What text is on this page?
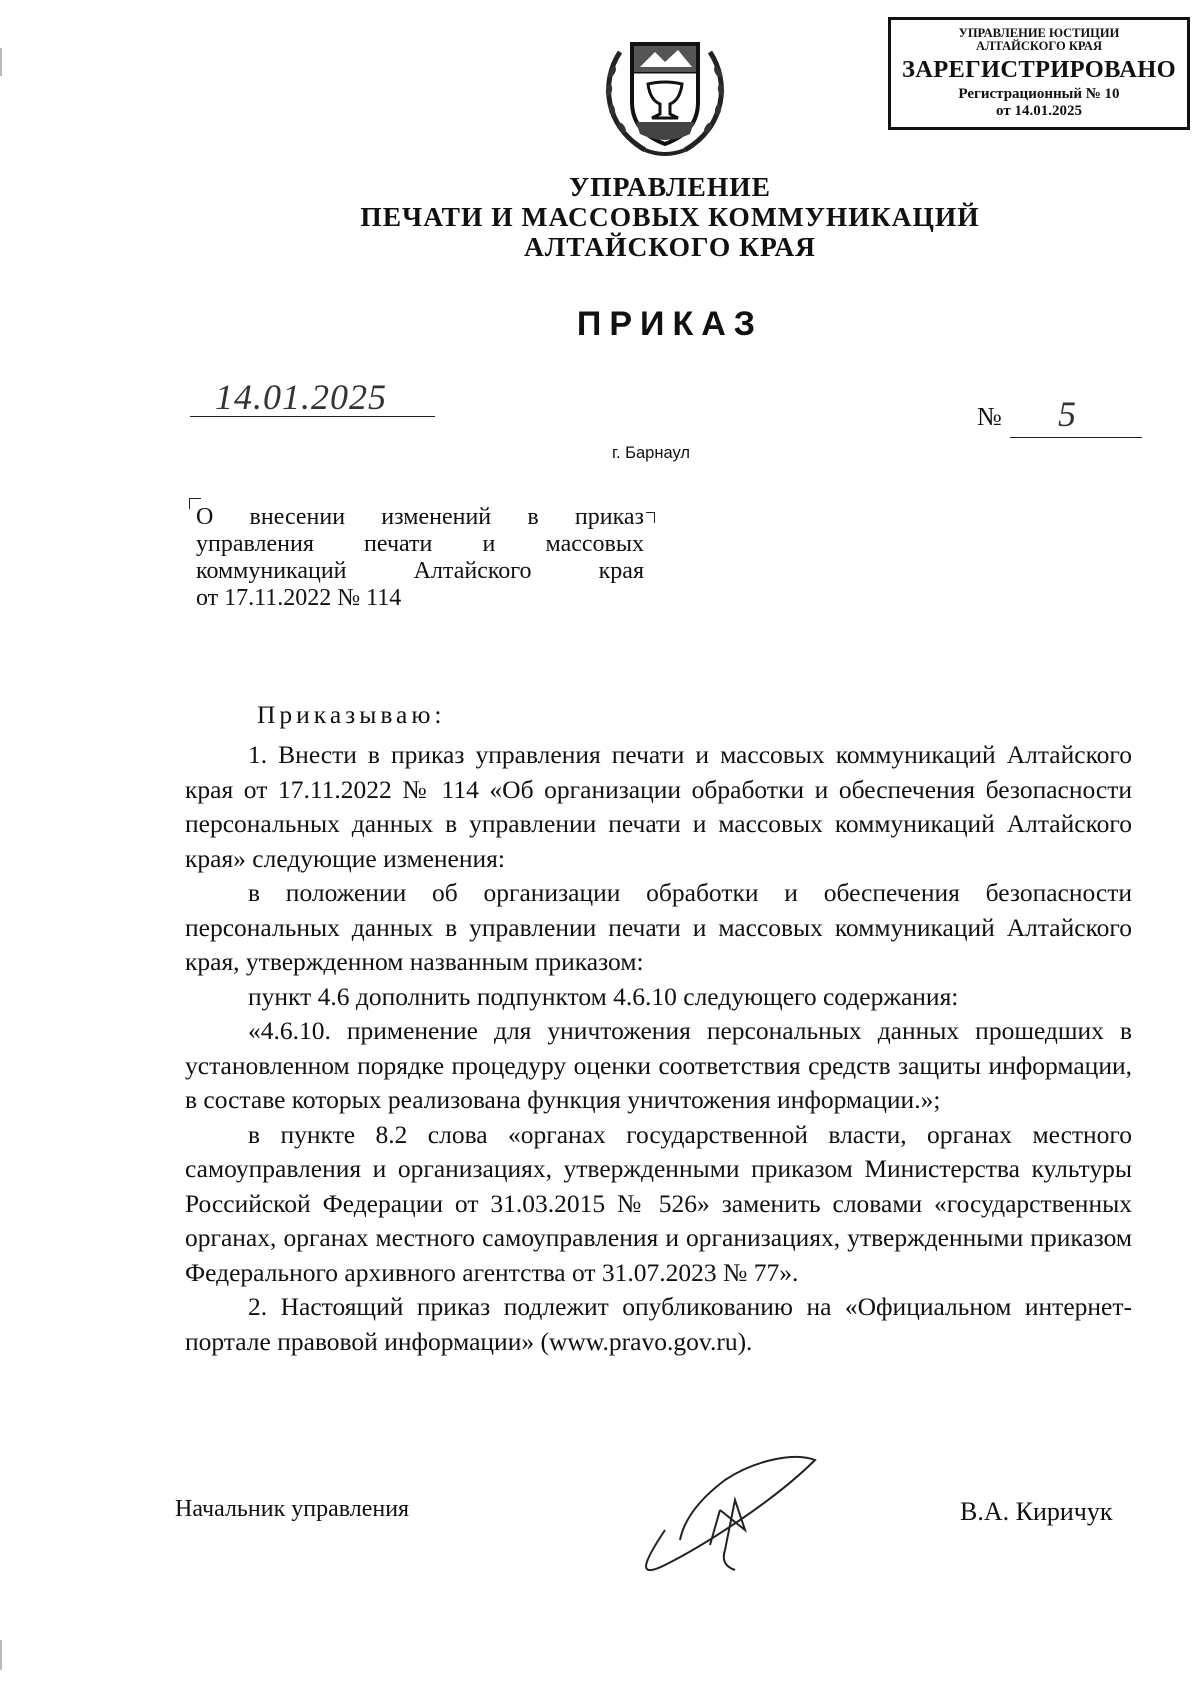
УПРАВЛЕНИЕ ЮСТИЦИИ
АЛТАЙСКОГО КРАЯ
ЗАРЕГИСТРИРОВАНО
Регистрационный № 10
от 14.01.2025
УПРАВЛЕНИЕ
ПЕЧАТИ И МАССОВЫХ КОММУНИКАЦИЙ
АЛТАЙСКОГО КРАЯ
ПРИКАЗ
14.01.2025	№ 5
г. Барнаул
О внесении изменений в приказ
управления печати и массовых
коммуникаций Алтайского края
от 17.11.2022 № 114
Приказываю:

1. Внести в приказ управления печати и массовых коммуникаций Алтайского края от 17.11.2022 № 114 «Об организации обработки и обеспечения безопасности персональных данных в управлении печати и массовых коммуникаций Алтайского края» следующие изменения:

в положении об организации обработки и обеспечения безопасности персональных данных в управлении печати и массовых коммуникаций Алтайского края, утвержденном названным приказом:

пункт 4.6 дополнить подпунктом 4.6.10 следующего содержания:

«4.6.10. применение для уничтожения персональных данных прошедших в установленном порядке процедуру оценки соответствия средств защиты информации, в составе которых реализована функция уничтожения информации.»;

в пункте 8.2 слова «органах государственной власти, органах местного самоуправления и организациях, утвержденными приказом Министерства культуры Российской Федерации от 31.03.2015 № 526» заменить словами «государственных органах, органах местного самоуправления и организациях, утвержденными приказом Федерального архивного агентства от 31.07.2023 № 77».

2. Настоящий приказ подлежит опубликованию на «Официальном интернет-портале правовой информации» (www.pravo.gov.ru).

Начальник управления	В.А. Киричук
